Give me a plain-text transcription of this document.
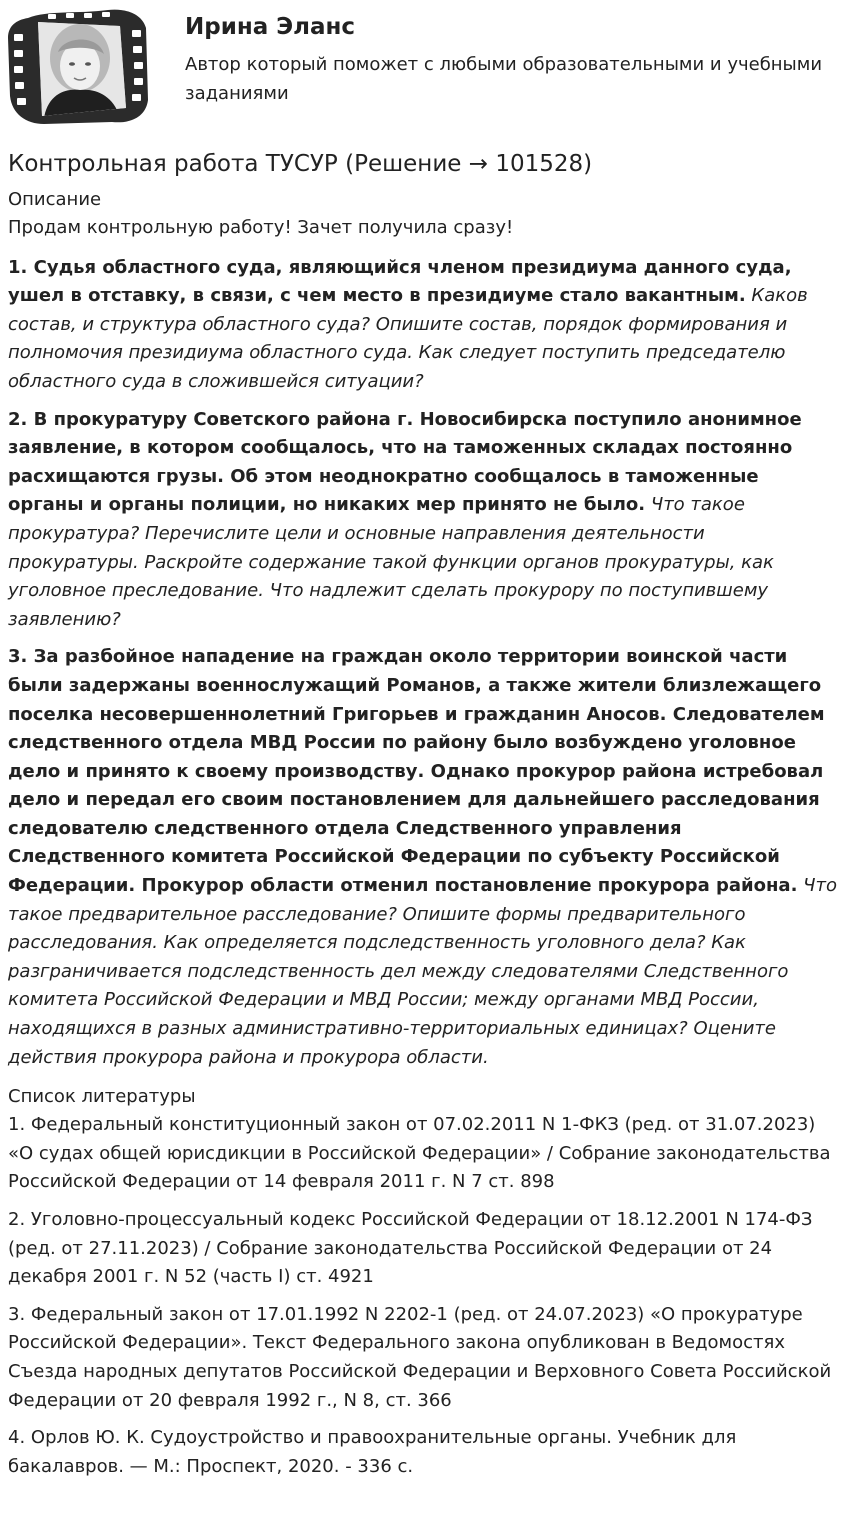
Ирина Эланс
Автор который поможет с любыми образовательными и учебными заданиями
Контрольная работа ТУСУР (Решение → 101528)

Описание

Продам контрольную работу! Зачет получила сразу!

1. Судья областного суда, являющийся членом президиума данного суда, ушел в отставку, в связи, с чем место в президиуме стало вакантным. Каков состав, и структура областного суда? Опишите состав, порядок формирования и полномочия президиума областного суда. Как следует поступить председателю областного суда в сложившейся ситуации?

2. В прокуратуру Советского района г. Новосибирска поступило анонимное заявление, в котором сообщалось, что на таможенных складах постоянно расхищаются грузы. Об этом неоднократно сообщалось в таможенные органы и органы полиции, но никаких мер принято не было. Что такое прокуратура? Перечислите цели и основные направления деятельности прокуратуры. Раскройте содержание такой функции органов прокуратуры, как уголовное преследование. Что надлежит сделать прокурору по поступившему заявлению?

3. За разбойное нападение на граждан около территории воинской части были задержаны военнослужащий Романов, а также жители близлежащего поселка несовершеннолетний Григорьев и гражданин Аносов. Следователем следственного отдела МВД России по району было возбуждено уголовное дело и принято к своему производству. Однако прокурор района истребовал дело и передал его своим постановлением для дальнейшего расследования следователю следственного отдела Следственного управления Следственного комитета Российской Федерации по субъекту Российской Федерации. Прокурор области отменил постановление прокурора района. Что такое предварительное расследование? Опишите формы предварительного расследования. Как определяется подследственность уголовного дела? Как разграничивается подследственность дел между следователями Следственного комитета Российской Федерации и МВД России; между органами МВД России, находящихся в разных административно-территориальных единицах? Оцените действия прокурора района и прокурора области.

Список литературы

1. Федеральный конституционный закон от 07.02.2011 N 1-ФКЗ (ред. от 31.07.2023) «О судах общей юрисдикции в Российской Федерации» / Собрание законодательства Российской Федерации от 14 февраля 2011 г. N 7 ст. 898

2. Уголовно-процессуальный кодекс Российской Федерации от 18.12.2001 N 174-ФЗ (ред. от 27.11.2023) / Собрание законодательства Российской Федерации от 24 декабря 2001 г. N 52 (часть I) ст. 4921

3. Федеральный закон от 17.01.1992 N 2202-1 (ред. от 24.07.2023) «О прокуратуре Российской Федерации». Текст Федерального закона опубликован в Ведомостях Съезда народных депутатов Российской Федерации и Верховного Совета Российской Федерации от 20 февраля 1992 г., N 8, ст. 366

4. Орлов Ю. К. Судоустройство и правоохранительные органы. Учебник для бакалавров. — М.: Проспект, 2020. - 336 с.
